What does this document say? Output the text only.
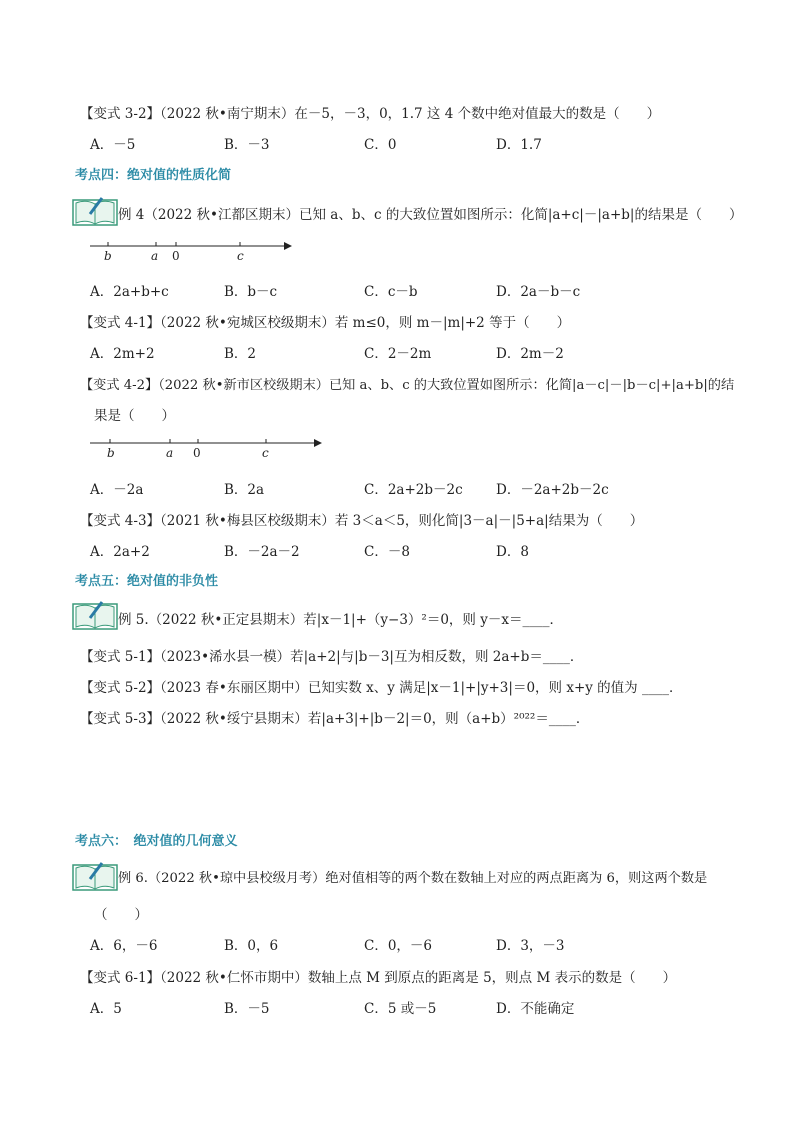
【变式 3-2】（2022 秋•南宁期末）在－5，－3，0，1.7 这 4 个数中绝对值最大的数是（　　）
A．－5	B．－3	C．0	D．1.7
考点四：绝对值的性质化简
例 4（2022 秋•江都区期末）已知 a、b、c 的大致位置如图所示：化简|a+c|－|a+b|的结果是（　　）
b	a 0	c
A．2a+b+c	B．b－c	C．c－b	D．2a－b－c
【变式 4-1】（2022 秋•宛城区校级期末）若 m≤0，则 m－|m|+2 等于（　　）
A．2m+2	B．2	C．2－2m	D．2m－2
【变式 4-2】（2022 秋•新市区校级期末）已知 a、b、c 的大致位置如图所示：化简|a－c|－|b－c|+|a+b|的结
果是（　　）
b	a 0	c
A．－2a	B．2a	C．2a+2b－2c D．－2a+2b－2c
【变式 4-3】（2021 秋•梅县区校级期末）若 3＜a＜5，则化简|3－a|－|5+a|结果为（　　）
A．2a+2	B．－2a－2	C．－8	D．8
考点五：绝对值的非负性
例 5.（2022 秋•正定县期末）若|x－1|+（y−3）²＝0，则 y－x＝____．
【变式 5-1】（2023•浠水县一模）若|a+2|与|b－3|互为相反数，则 2a+b＝____．
【变式 5-2】（2023 春•东丽区期中）已知实数 x、y 满足|x－1|+|y+3|＝0，则 x+y 的值为 ____．
【变式 5-3】（2022 秋•绥宁县期末）若|a+3|+|b－2|＝0，则（a+b）²⁰²²＝____．
考点六：　绝对值的几何意义
例 6.（2022 秋•琼中县校级月考）绝对值相等的两个数在数轴上对应的两点距离为 6，则这两个数是
（　　）
A．6，－6	B．0，6	C．0，－6	D．3，－3
【变式 6-1】（2022 秋•仁怀市期中）数轴上点 M 到原点的距离是 5，则点 M 表示的数是（　　）
A．5	B．－5	C．5 或－5	D．不能确定
